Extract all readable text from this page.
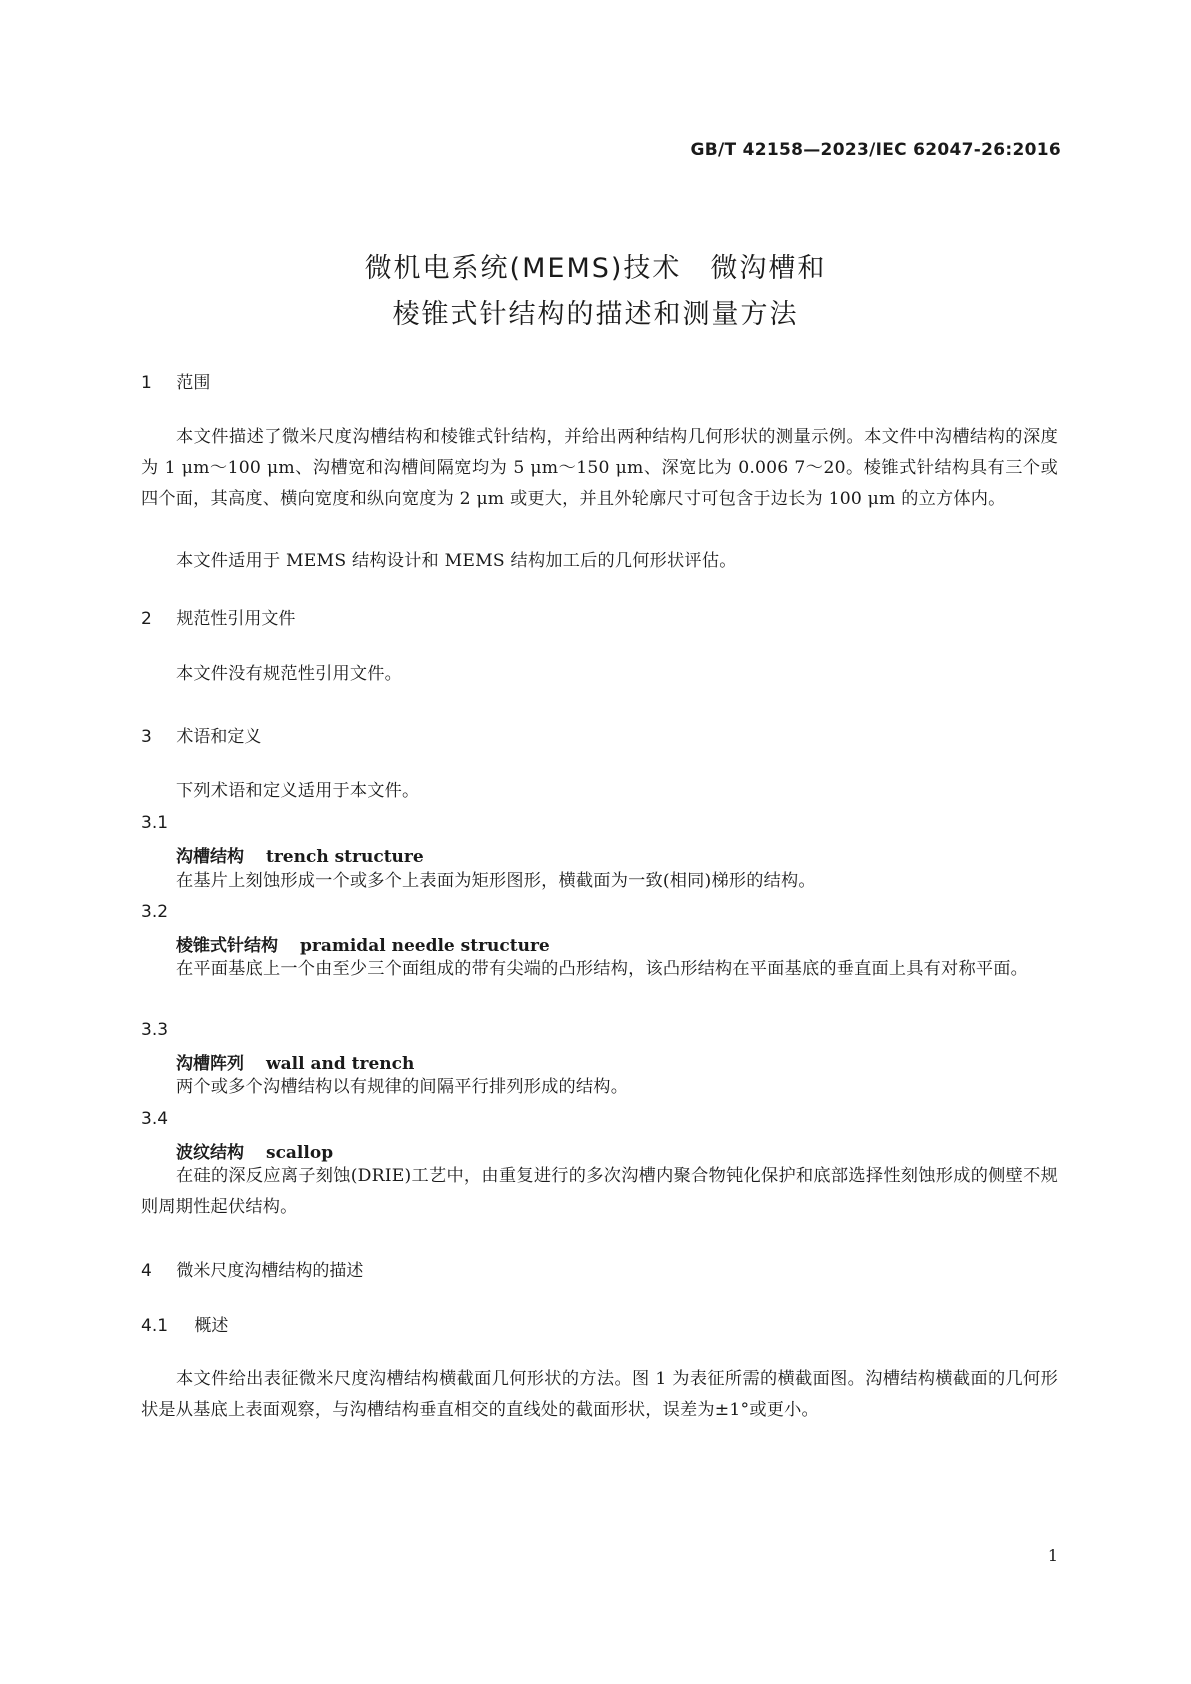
GB/T 42158—2023/IEC 62047-26:2016
微机电系统(MEMS)技术　微沟槽和
棱锥式针结构的描述和测量方法
1 范围
本文件描述了微米尺度沟槽结构和棱锥式针结构，并给出两种结构几何形状的测量示例。本文件中沟槽结构的深度为 1 μm～100 μm、沟槽宽和沟槽间隔宽均为 5 μm～150 μm、深宽比为 0.006 7～20。棱锥式针结构具有三个或四个面，其高度、横向宽度和纵向宽度为 2 μm 或更大，并且外轮廓尺寸可包含于边长为 100 μm 的立方体内。
本文件适用于 MEMS 结构设计和 MEMS 结构加工后的几何形状评估。
2 规范性引用文件
本文件没有规范性引用文件。
3 术语和定义
下列术语和定义适用于本文件。
3.1
沟槽结构 trench structure
在基片上刻蚀形成一个或多个上表面为矩形图形，横截面为一致(相同)梯形的结构。
3.2
棱锥式针结构 pramidal needle structure
在平面基底上一个由至少三个面组成的带有尖端的凸形结构，该凸形结构在平面基底的垂直面上具有对称平面。
3.3
沟槽阵列 wall and trench
两个或多个沟槽结构以有规律的间隔平行排列形成的结构。
3.4
波纹结构 scallop
在硅的深反应离子刻蚀(DRIE)工艺中，由重复进行的多次沟槽内聚合物钝化保护和底部选择性刻蚀形成的侧壁不规则周期性起伏结构。
4 微米尺度沟槽结构的描述
4.1 概述
本文件给出表征微米尺度沟槽结构横截面几何形状的方法。图 1 为表征所需的横截面图。沟槽结构横截面的几何形状是从基底上表面观察，与沟槽结构垂直相交的直线处的截面形状，误差为±1°或更小。
1
